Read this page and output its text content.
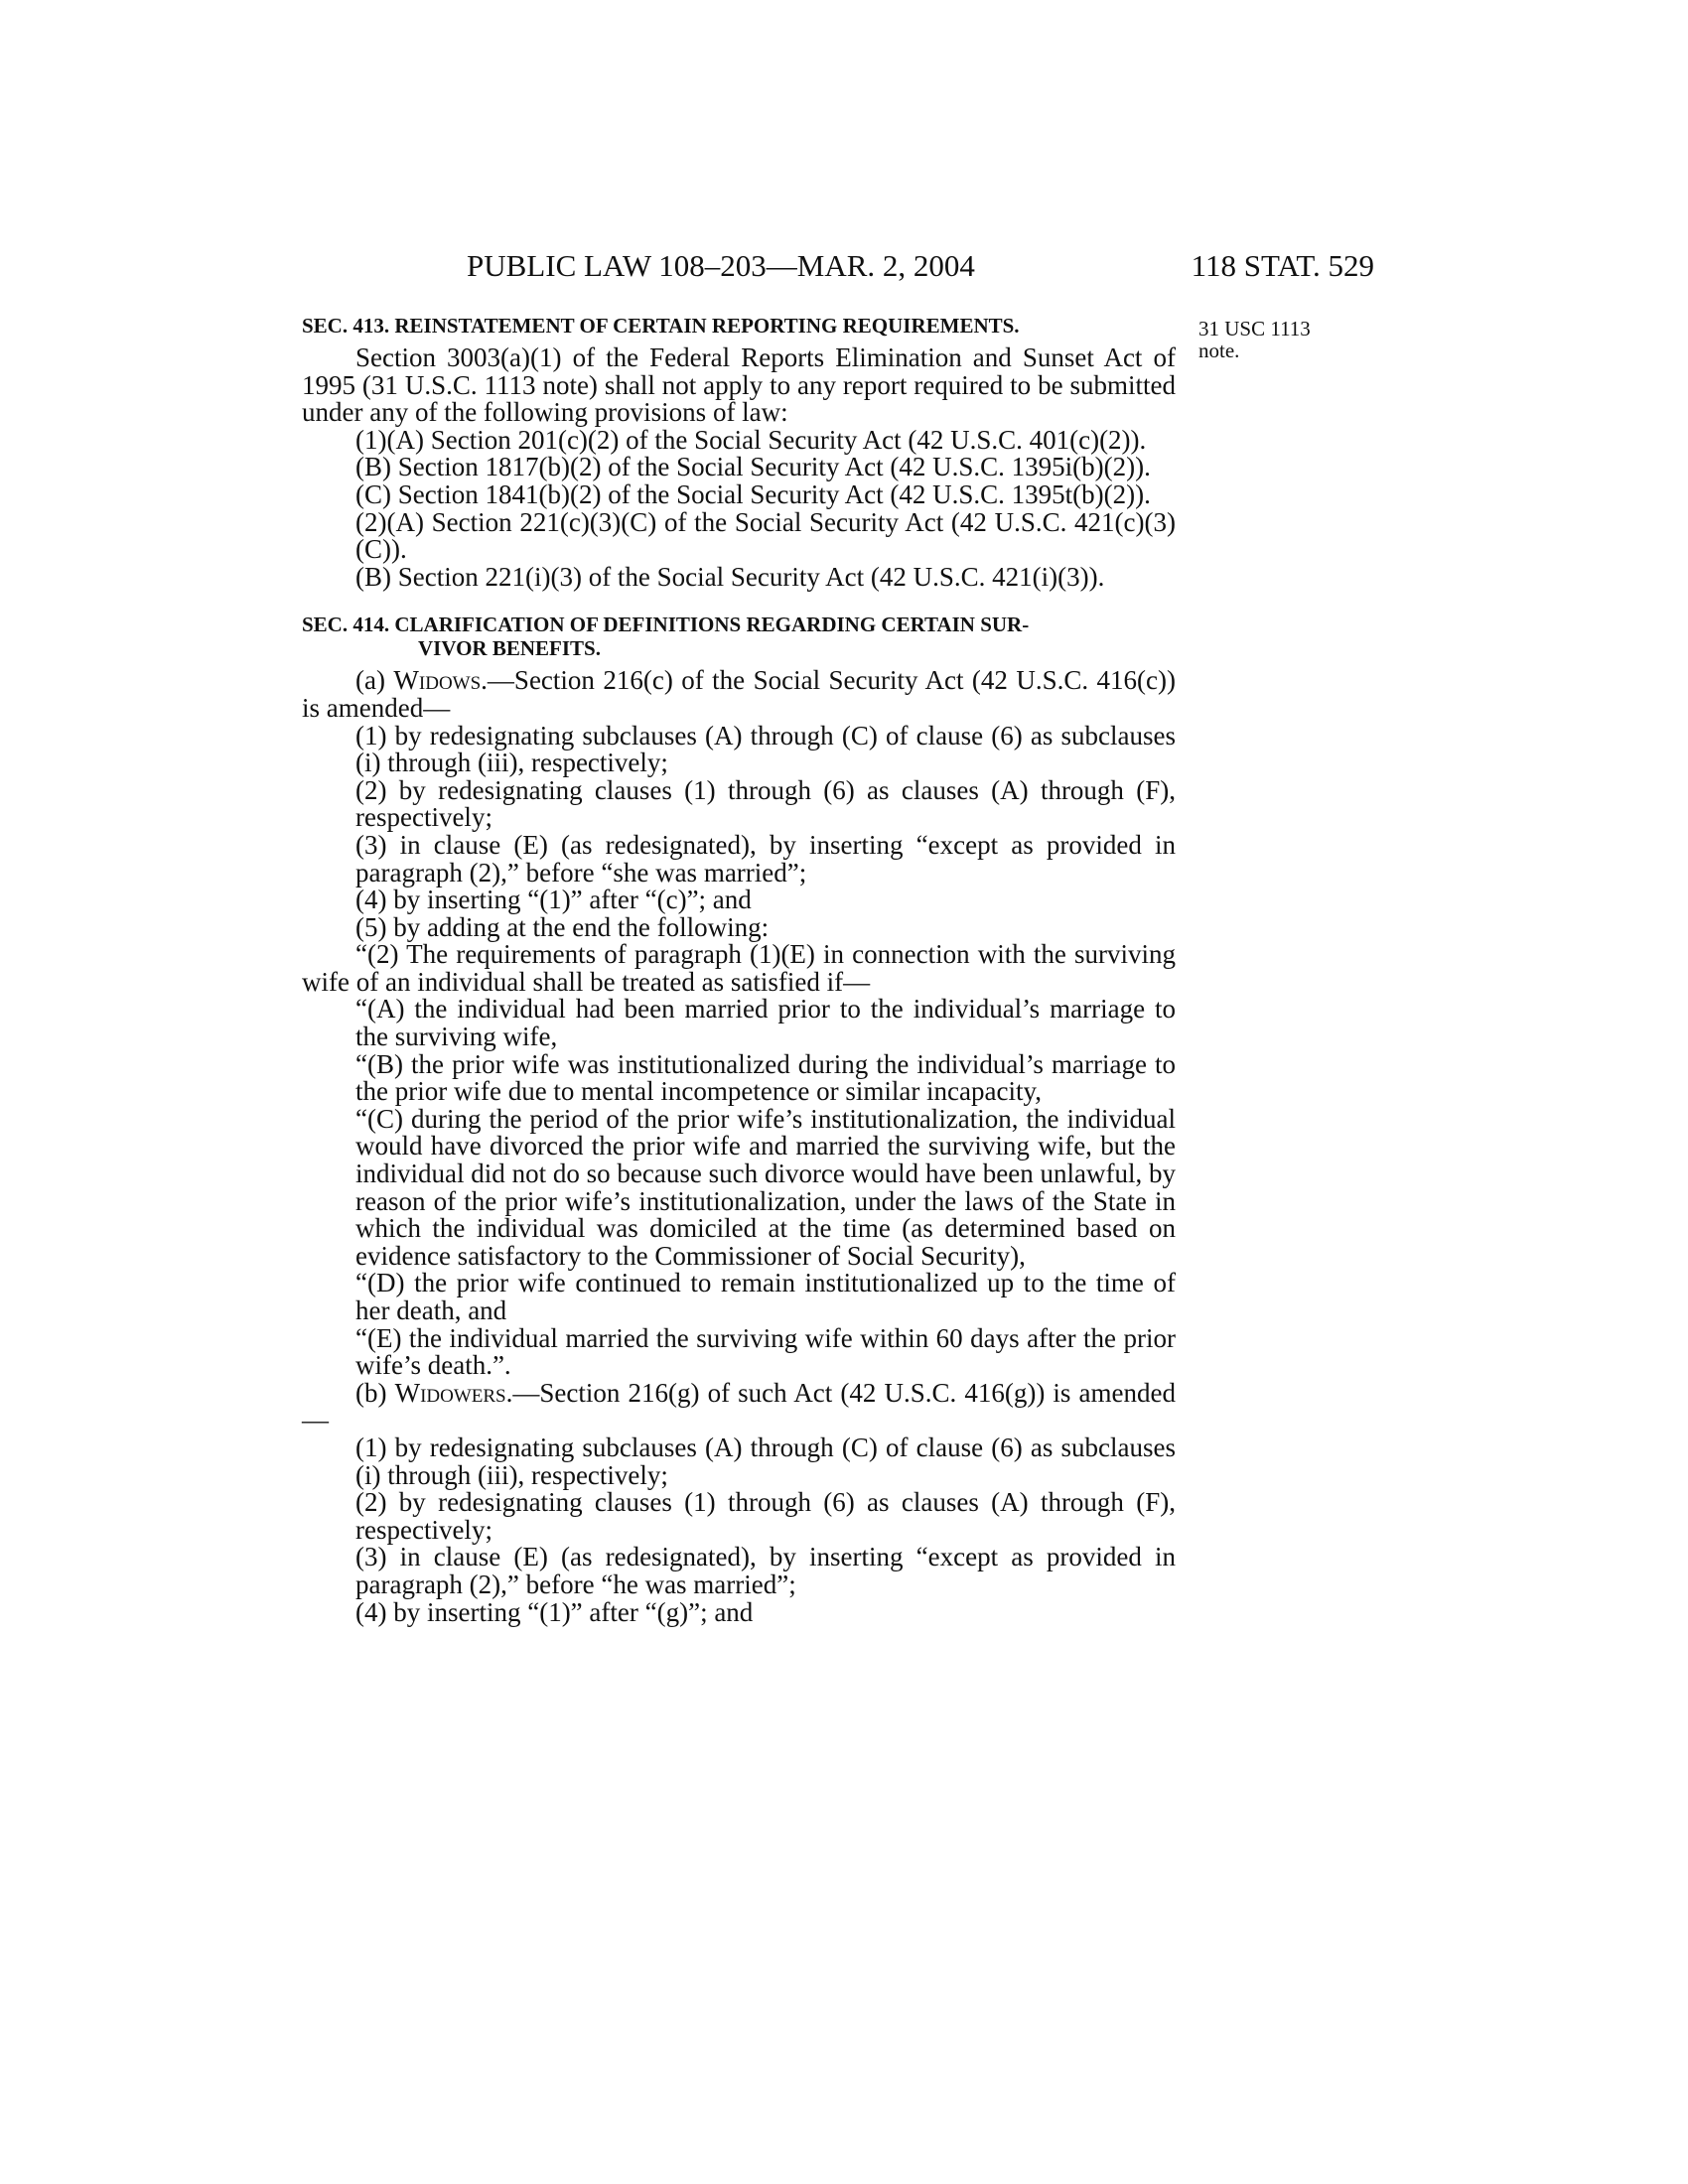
PUBLIC LAW 108–203—MAR. 2, 2004	118 STAT. 529
31 USC 1113
note.

SEC. 413. REINSTATEMENT OF CERTAIN REPORTING REQUIREMENTS.

Section 3003(a)(1) of the Federal Reports Elimination and Sunset Act of 1995 (31 U.S.C. 1113 note) shall not apply to any report required to be submitted under any of the following provisions of law:

(1)(A) Section 201(c)(2) of the Social Security Act (42 U.S.C. 401(c)(2)).

(B) Section 1817(b)(2) of the Social Security Act (42 U.S.C. 1395i(b)(2)).

(C) Section 1841(b)(2) of the Social Security Act (42 U.S.C. 1395t(b)(2)).

(2)(A) Section 221(c)(3)(C) of the Social Security Act (42 U.S.C. 421(c)(3)(C)).

(B) Section 221(i)(3) of the Social Security Act (42 U.S.C. 421(i)(3)).

SEC. 414. CLARIFICATION OF DEFINITIONS REGARDING CERTAIN SUR-
VIVOR BENEFITS.

(a) Widows.—Section 216(c) of the Social Security Act (42 U.S.C. 416(c)) is amended—

(1) by redesignating subclauses (A) through (C) of clause (6) as subclauses (i) through (iii), respectively;

(2) by redesignating clauses (1) through (6) as clauses (A) through (F), respectively;

(3) in clause (E) (as redesignated), by inserting “except as provided in paragraph (2),” before “she was married”;

(4) by inserting “(1)” after “(c)”; and

(5) by adding at the end the following:

“(2) The requirements of paragraph (1)(E) in connection with the surviving wife of an individual shall be treated as satisfied if—

“(A) the individual had been married prior to the individual’s marriage to the surviving wife,

“(B) the prior wife was institutionalized during the individual’s marriage to the prior wife due to mental incompetence or similar incapacity,

“(C) during the period of the prior wife’s institutionalization, the individual would have divorced the prior wife and married the surviving wife, but the individual did not do so because such divorce would have been unlawful, by reason of the prior wife’s institutionalization, under the laws of the State in which the individual was domiciled at the time (as determined based on evidence satisfactory to the Commissioner of Social Security),

“(D) the prior wife continued to remain institutionalized up to the time of her death, and

“(E) the individual married the surviving wife within 60 days after the prior wife’s death.”.

(b) Widowers.—Section 216(g) of such Act (42 U.S.C. 416(g)) is amended—

(1) by redesignating subclauses (A) through (C) of clause (6) as subclauses (i) through (iii), respectively;

(2) by redesignating clauses (1) through (6) as clauses (A) through (F), respectively;

(3) in clause (E) (as redesignated), by inserting “except as provided in paragraph (2),” before “he was married”;

(4) by inserting “(1)” after “(g)”; and
